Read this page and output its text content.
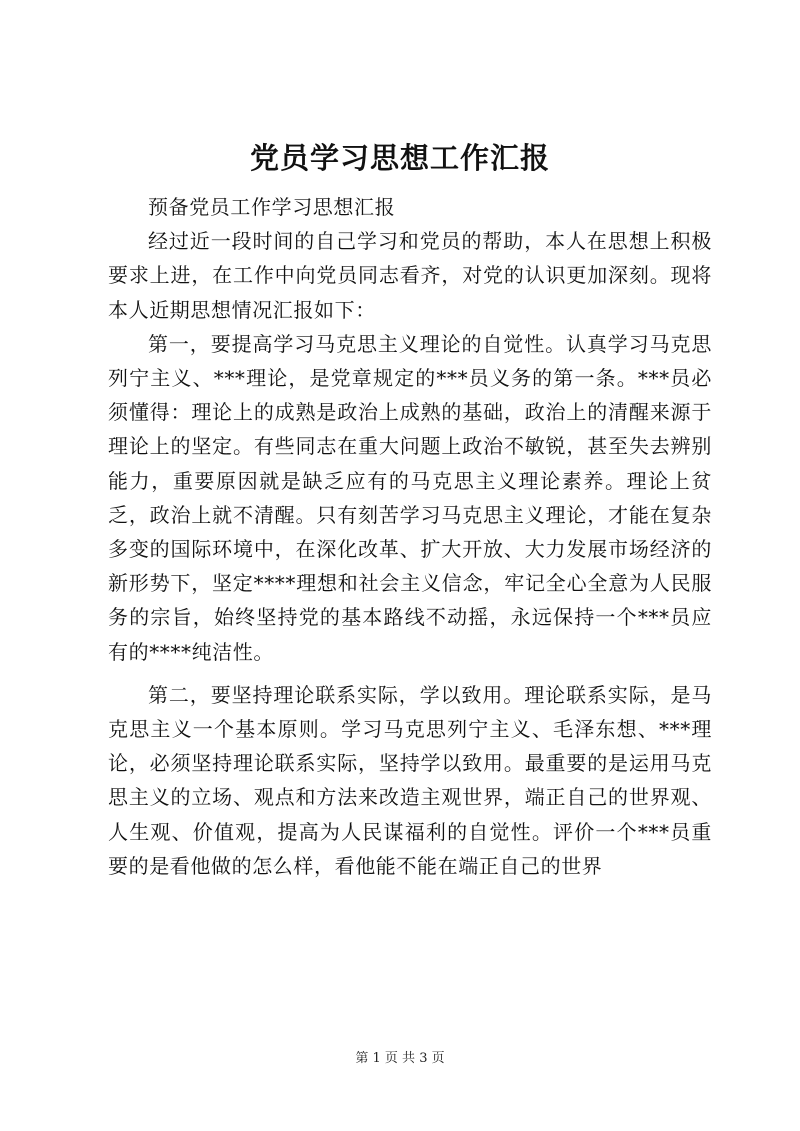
党员学习思想工作汇报

预备党员工作学习思想汇报

经过近一段时间的自己学习和党员的帮助，本人在思想上积极要求上进，在工作中向党员同志看齐，对党的认识更加深刻。现将本人近期思想情况汇报如下：

第一，要提高学习马克思主义理论的自觉性。认真学习马克思列宁主义、***理论，是党章规定的***员义务的第一条。***员必须懂得：理论上的成熟是政治上成熟的基础，政治上的清醒来源于理论上的坚定。有些同志在重大问题上政治不敏锐，甚至失去辨别能力，重要原因就是缺乏应有的马克思主义理论素养。理论上贫乏，政治上就不清醒。只有刻苦学习马克思主义理论，才能在复杂多变的国际环境中，在深化改革、扩大开放、大力发展市场经济的新形势下，坚定****理想和社会主义信念，牢记全心全意为人民服务的宗旨，始终坚持党的基本路线不动摇，永远保持一个***员应有的****纯洁性。

第二，要坚持理论联系实际，学以致用。理论联系实际，是马克思主义一个基本原则。学习马克思列宁主义、毛泽东想、***理论，必须坚持理论联系实际，坚持学以致用。最重要的是运用马克思主义的立场、观点和方法来改造主观世界，端正自己的世界观、人生观、价值观，提高为人民谋福利的自觉性。评价一个***员重要的是看他做的怎么样，看他能不能在端正自己的世界

第 1 页 共 3 页
